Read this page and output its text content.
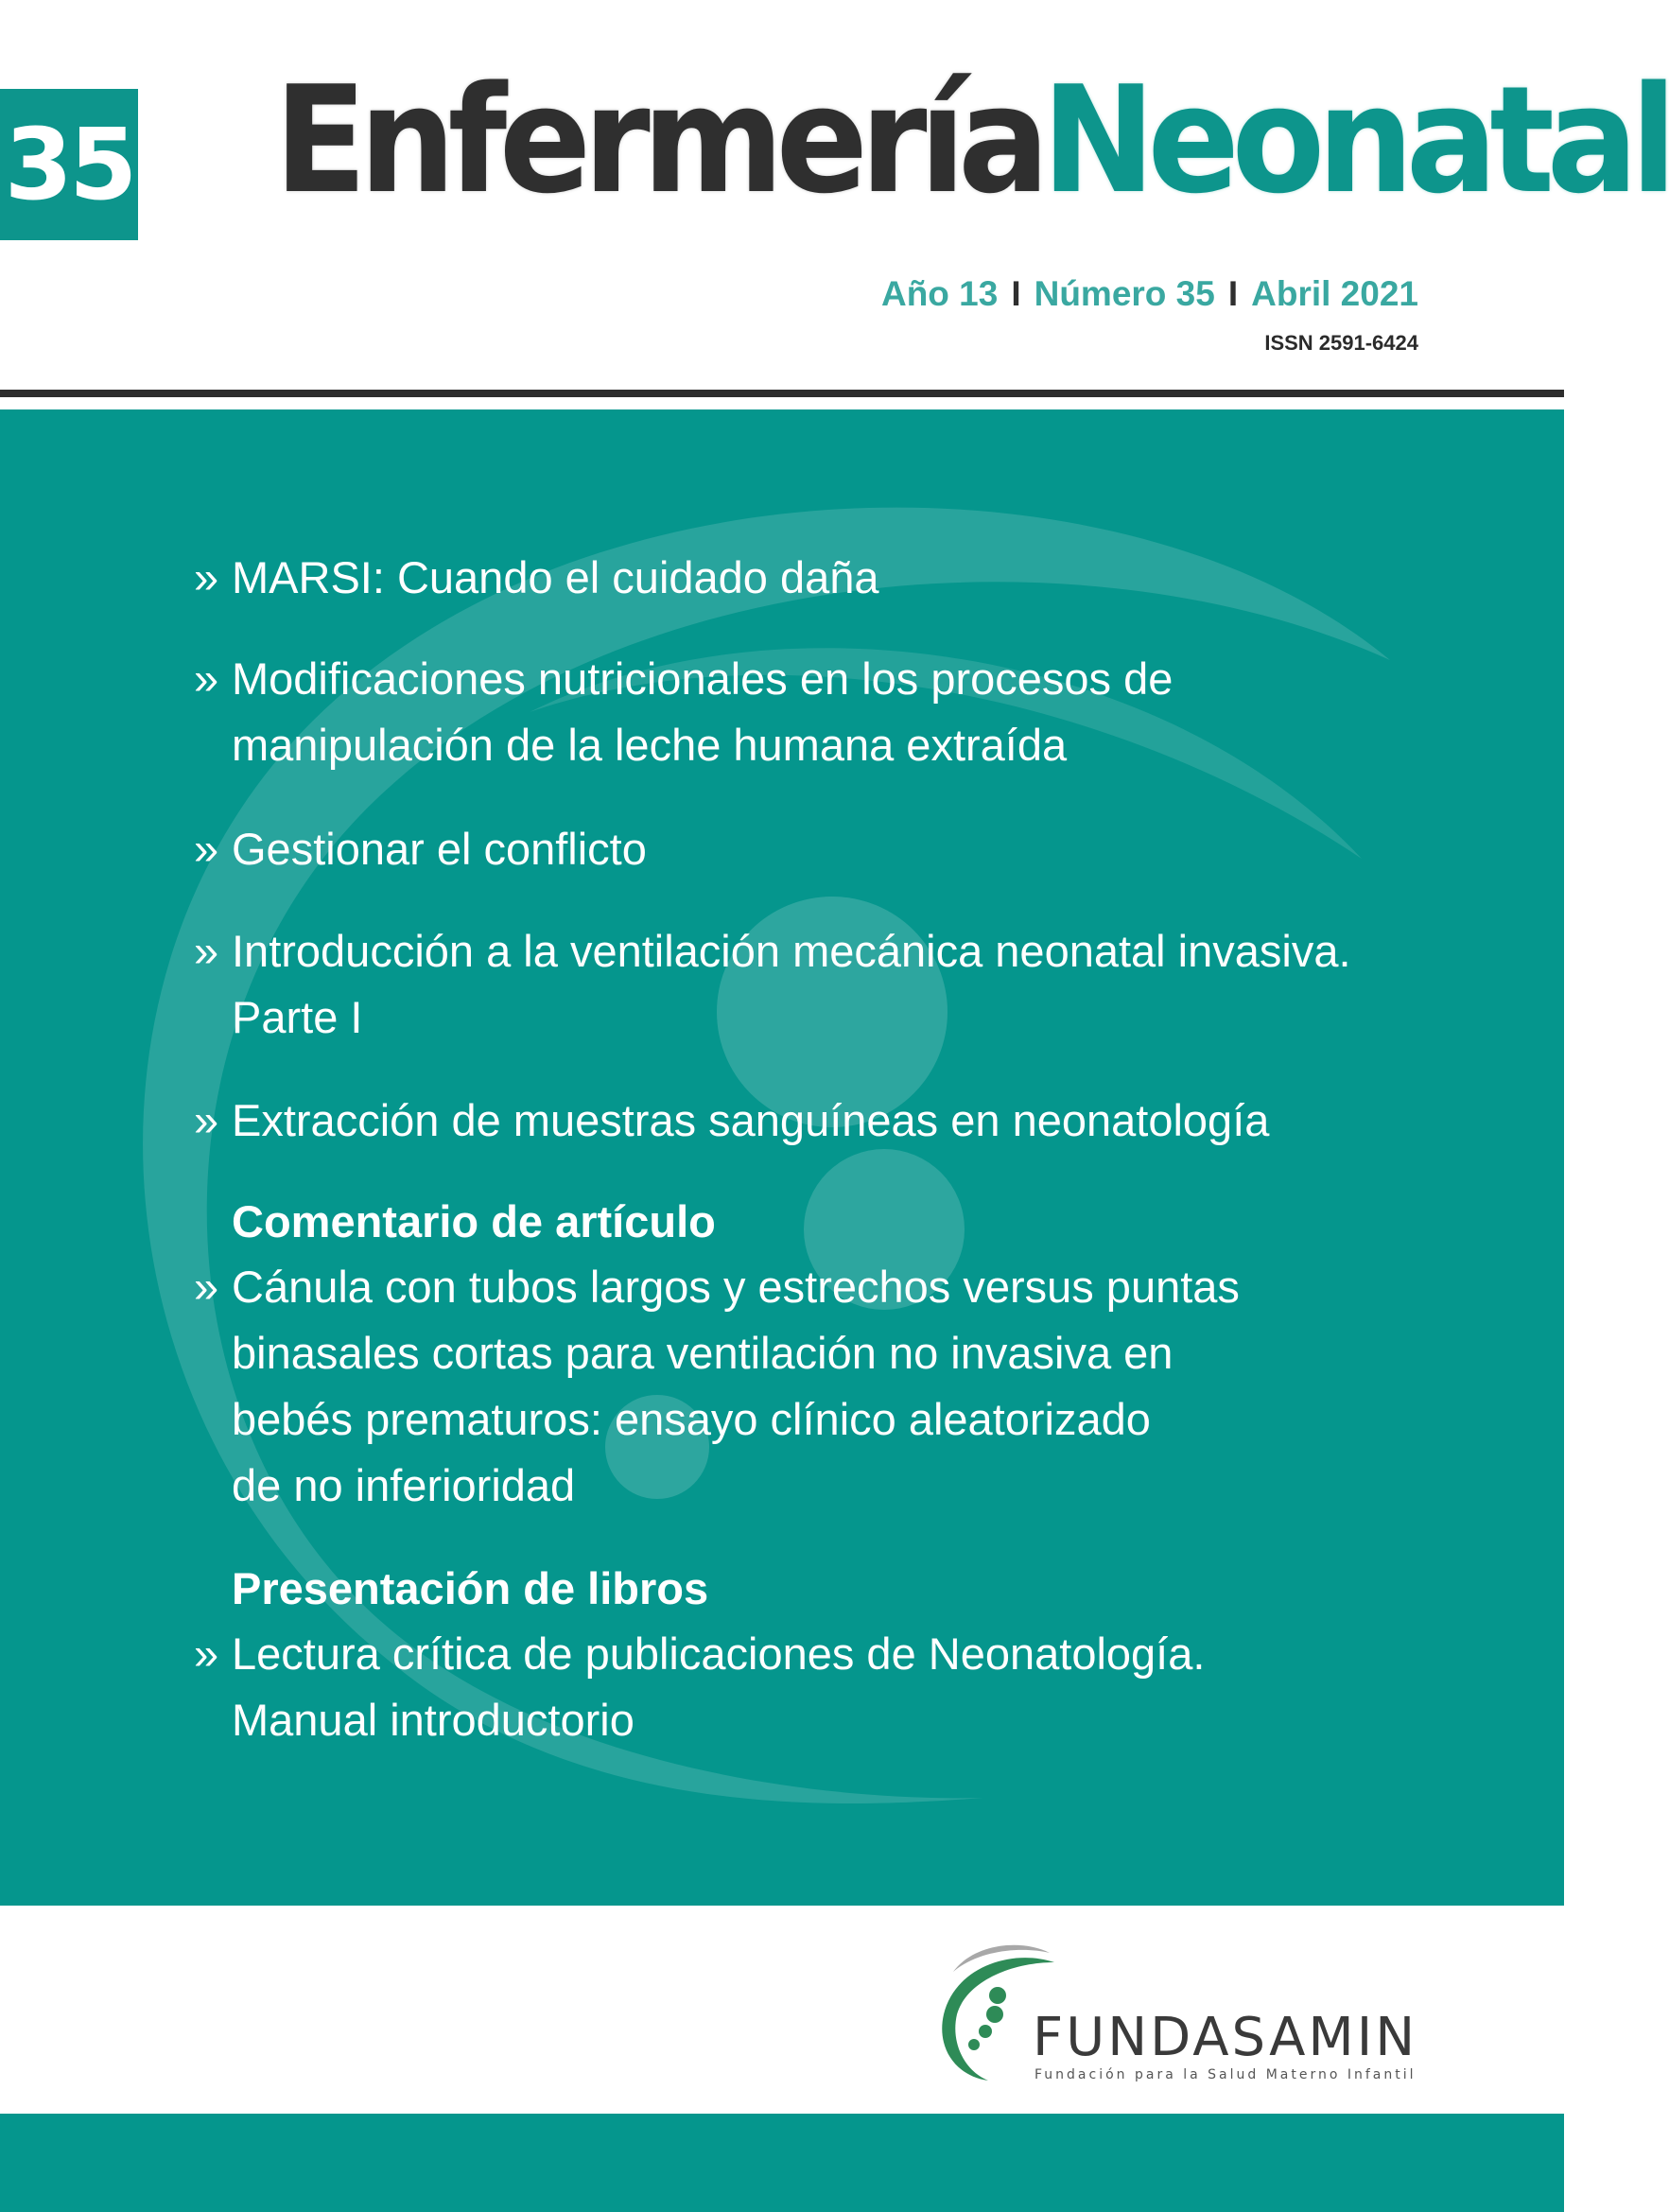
35 EnfermeríaNeonatal
Año 13 I Número 35 I Abril 2021
ISSN 2591-6424
» MARSI: Cuando el cuidado daña
» Modificaciones nutricionales en los procesos de
manipulación de la leche humana extraída
» Gestionar el conflicto
» Introducción a la ventilación mecánica neonatal invasiva.
Parte I
» Extracción de muestras sanguíneas en neonatología
Comentario de artículo
» Cánula con tubos largos y estrechos versus puntas
binasales cortas para ventilación no invasiva en
bebés prematuros: ensayo clínico aleatorizado
de no inferioridad
Presentación de libros
» Lectura crítica de publicaciones de Neonatología.
Manual introductorio
FUNDASAMIN
Fundación para la Salud Materno Infantil
